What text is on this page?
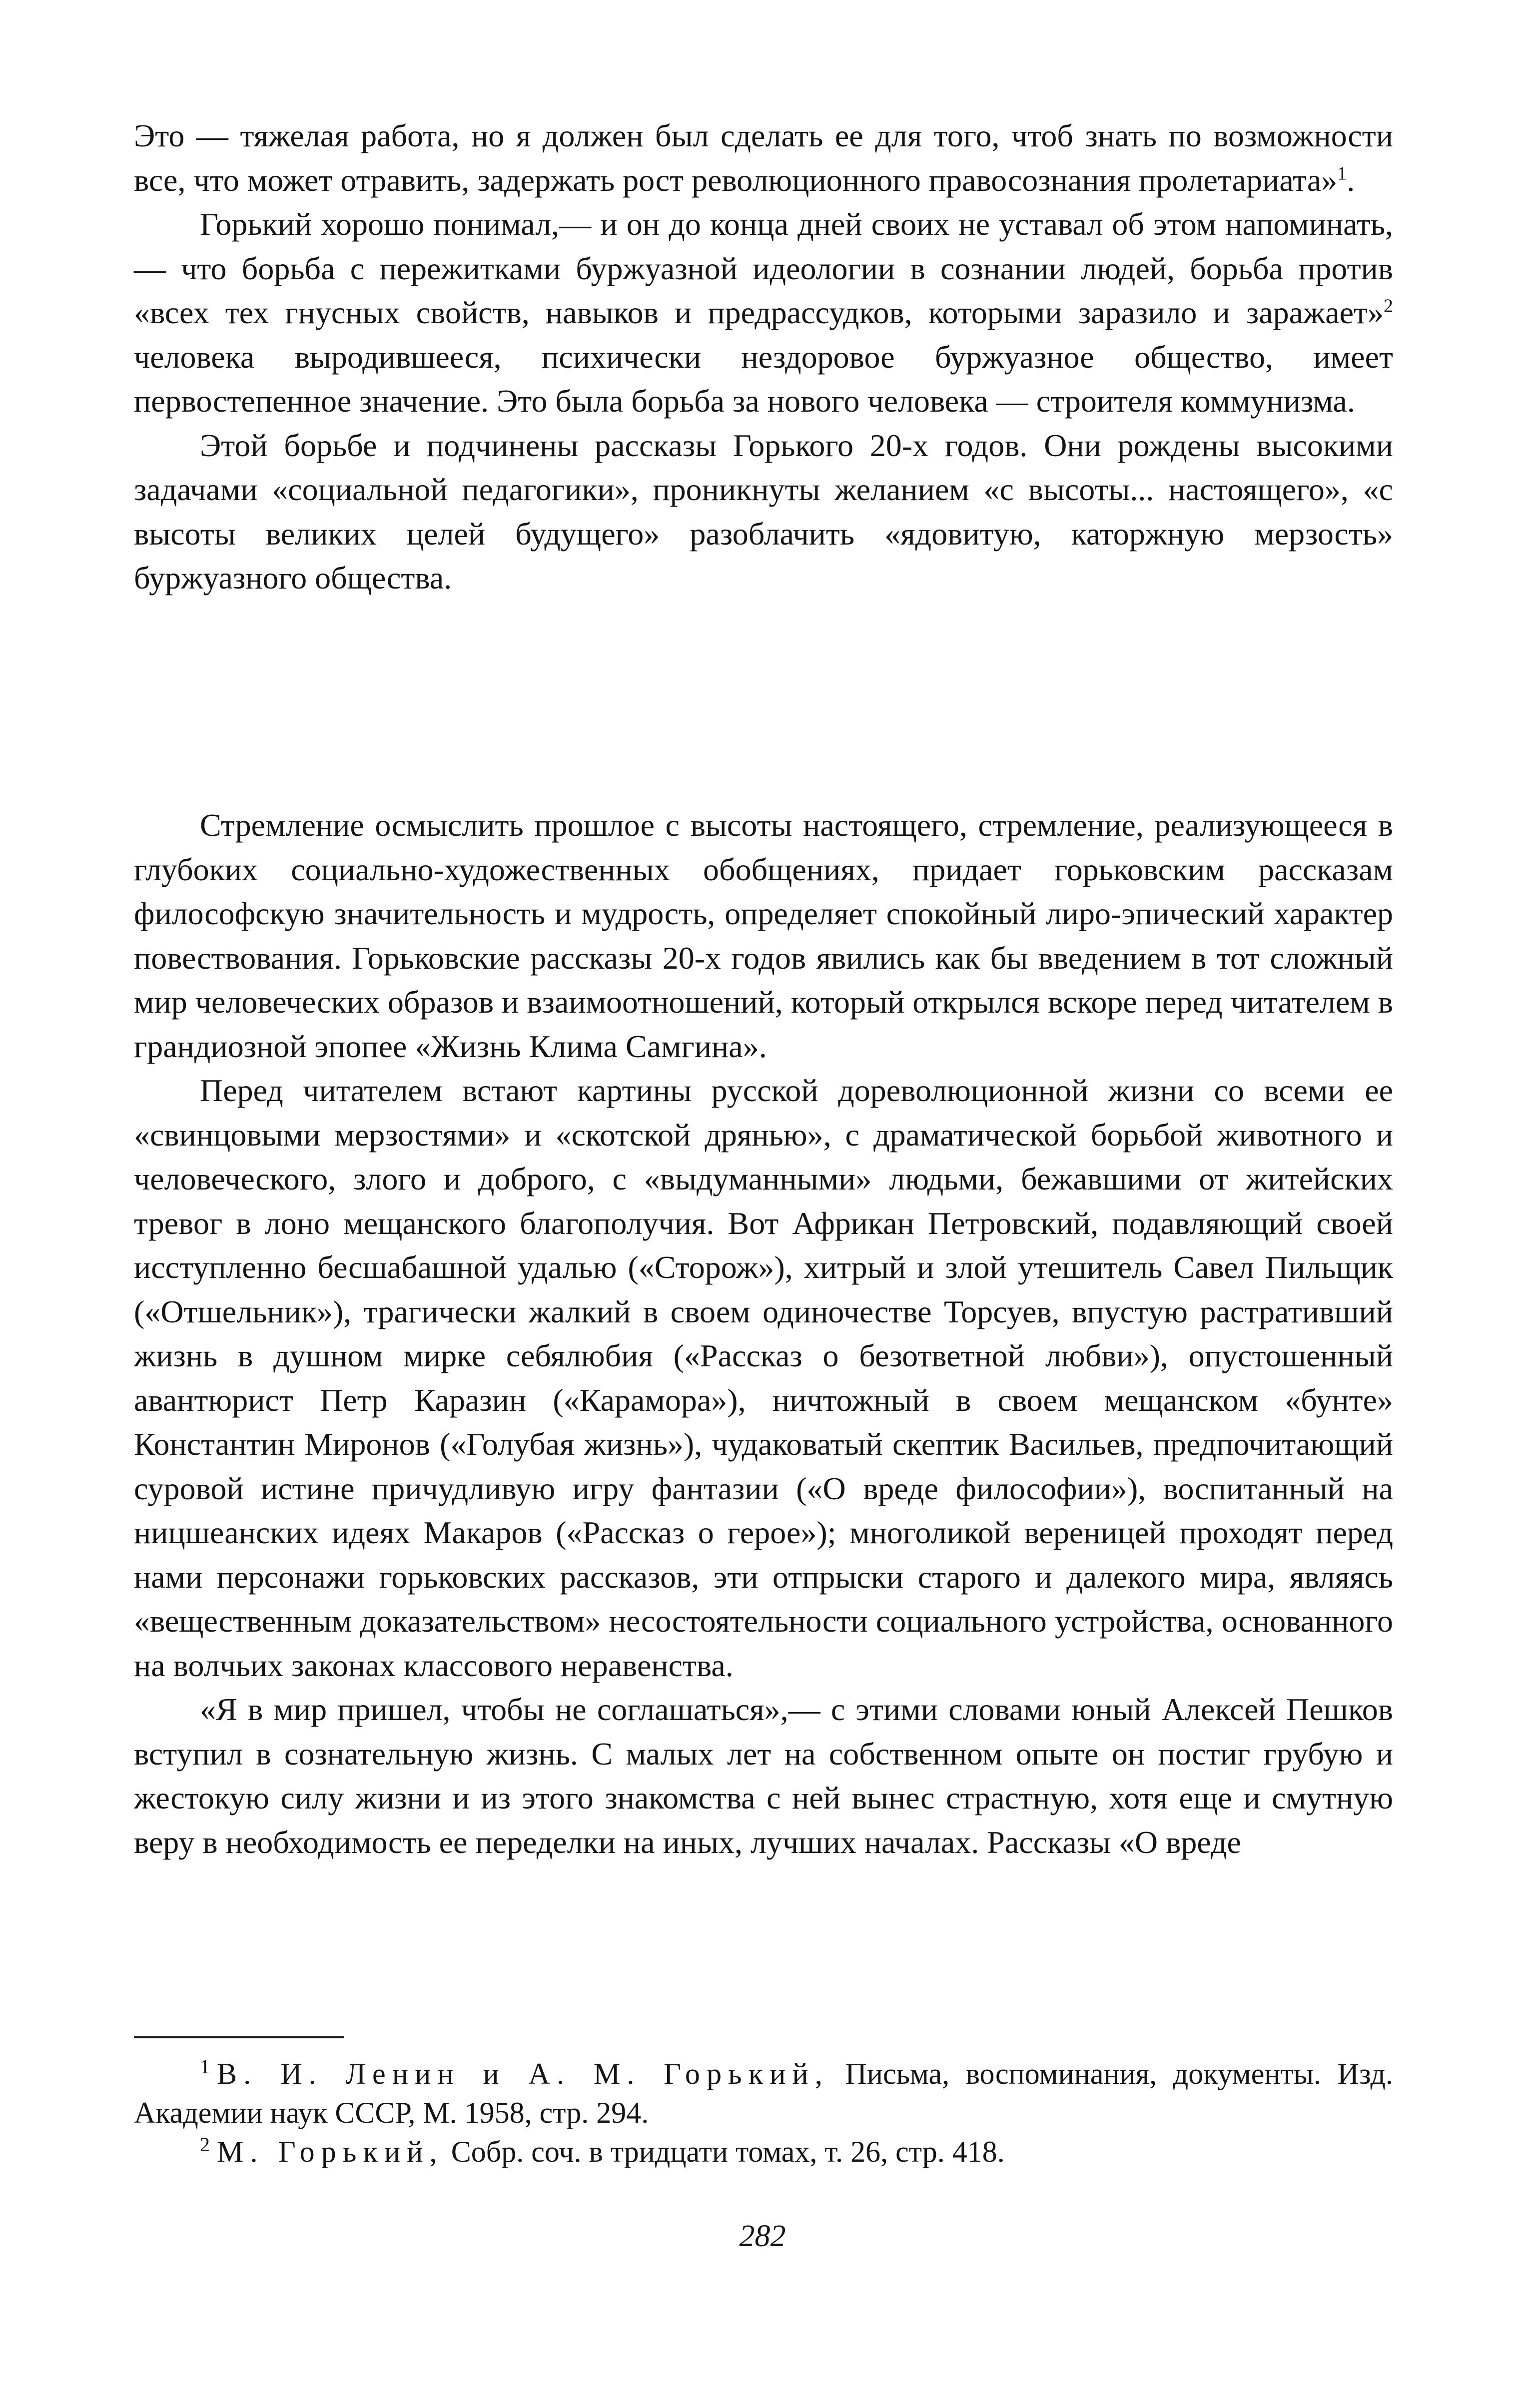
Это — тяжелая работа, но я должен был сделать ее для того, чтоб знать по возможности все, что может отравить, задержать рост революционного правосознания пролетариата»$^1$.

Горький хорошо понимал,— и он до конца дней своих не уставал об этом напоминать,— что борьба с пережитками буржуазной идеологии в сознании людей, борьба против «всех тех гнусных свойств, навыков и предрассудков, которыми заразило и заражает»$^2$ человека выродившееся, психически нездоровое буржуазное общество, имеет первостепенное значение. Это была борьба за нового человека — строителя коммунизма.

Этой борьбе и подчинены рассказы Горького 20-х годов. Они рождены высокими задачами «социальной педагогики», проникнуты желанием «с высоты... настоящего», «с высоты великих целей будущего» разоблачить «ядовитую, каторжную мерзость» буржуазного общества.

Стремление осмыслить прошлое с высоты настоящего, стремление, реализующееся в глубоких социально-художественных обобщениях, придает горьковским рассказам философскую значительность и мудрость, определяет спокойный лиро-эпический характер повествования. Горьковские рассказы 20-х годов явились как бы введением в тот сложный мир человеческих образов и взаимоотношений, который открылся вскоре перед читателем в грандиозной эпопее «Жизнь Клима Самгина».

Перед читателем встают картины русской дореволюционной жизни со всеми ее «свинцовыми мерзостями» и «скотской дрянью», с драматической борьбой животного и человеческого, злого и доброго, с «выдуманными» людьми, бежавшими от житейских тревог в лоно мещанского благополучия. Вот Африкан Петровский, подавляющий своей исступленно бесшабашной удалью («Сторож»), хитрый и злой утешитель Савел Пильщик («Отшельник»), трагически жалкий в своем одиночестве Торсуев, впустую растративший жизнь в душном мирке себялюбия («Рассказ о безответной любви»), опустошенный авантюрист Петр Каразин («Карамора»), ничтожный в своем мещанском «бунте» Константин Миронов («Голубая жизнь»), чудаковатый скептик Васильев, предпочитающий суровой истине причудливую игру фантазии («О вреде философии»), воспитанный на ницшеанских идеях Макаров («Рассказ о герое»); многоликой вереницей проходят перед нами персонажи горьковских рассказов, эти отпрыски старого и далекого мира, являясь «вещественным доказательством» несостоятельности социального устройства, основанного на волчьих законах классового неравенства.

«Я в мир пришел, чтобы не соглашаться»,— с этими словами юный Алексей Пешков вступил в сознательную жизнь. С малых лет на собственном опыте он постиг грубую и жестокую силу жизни и из этого знакомства с ней вынес страстную, хотя еще и смутную веру в необходимость ее переделки на иных, лучших началах. Рассказы «О вреде

$^1$ В. И. Ленин и А. М. Горький, Письма, воспоминания, документы. Изд. Академии наук СССР, М. 1958, стр. 294.

$^2$ М. Горький, Собр. соч. в тридцати томах, т. 26, стр. 418.

282
